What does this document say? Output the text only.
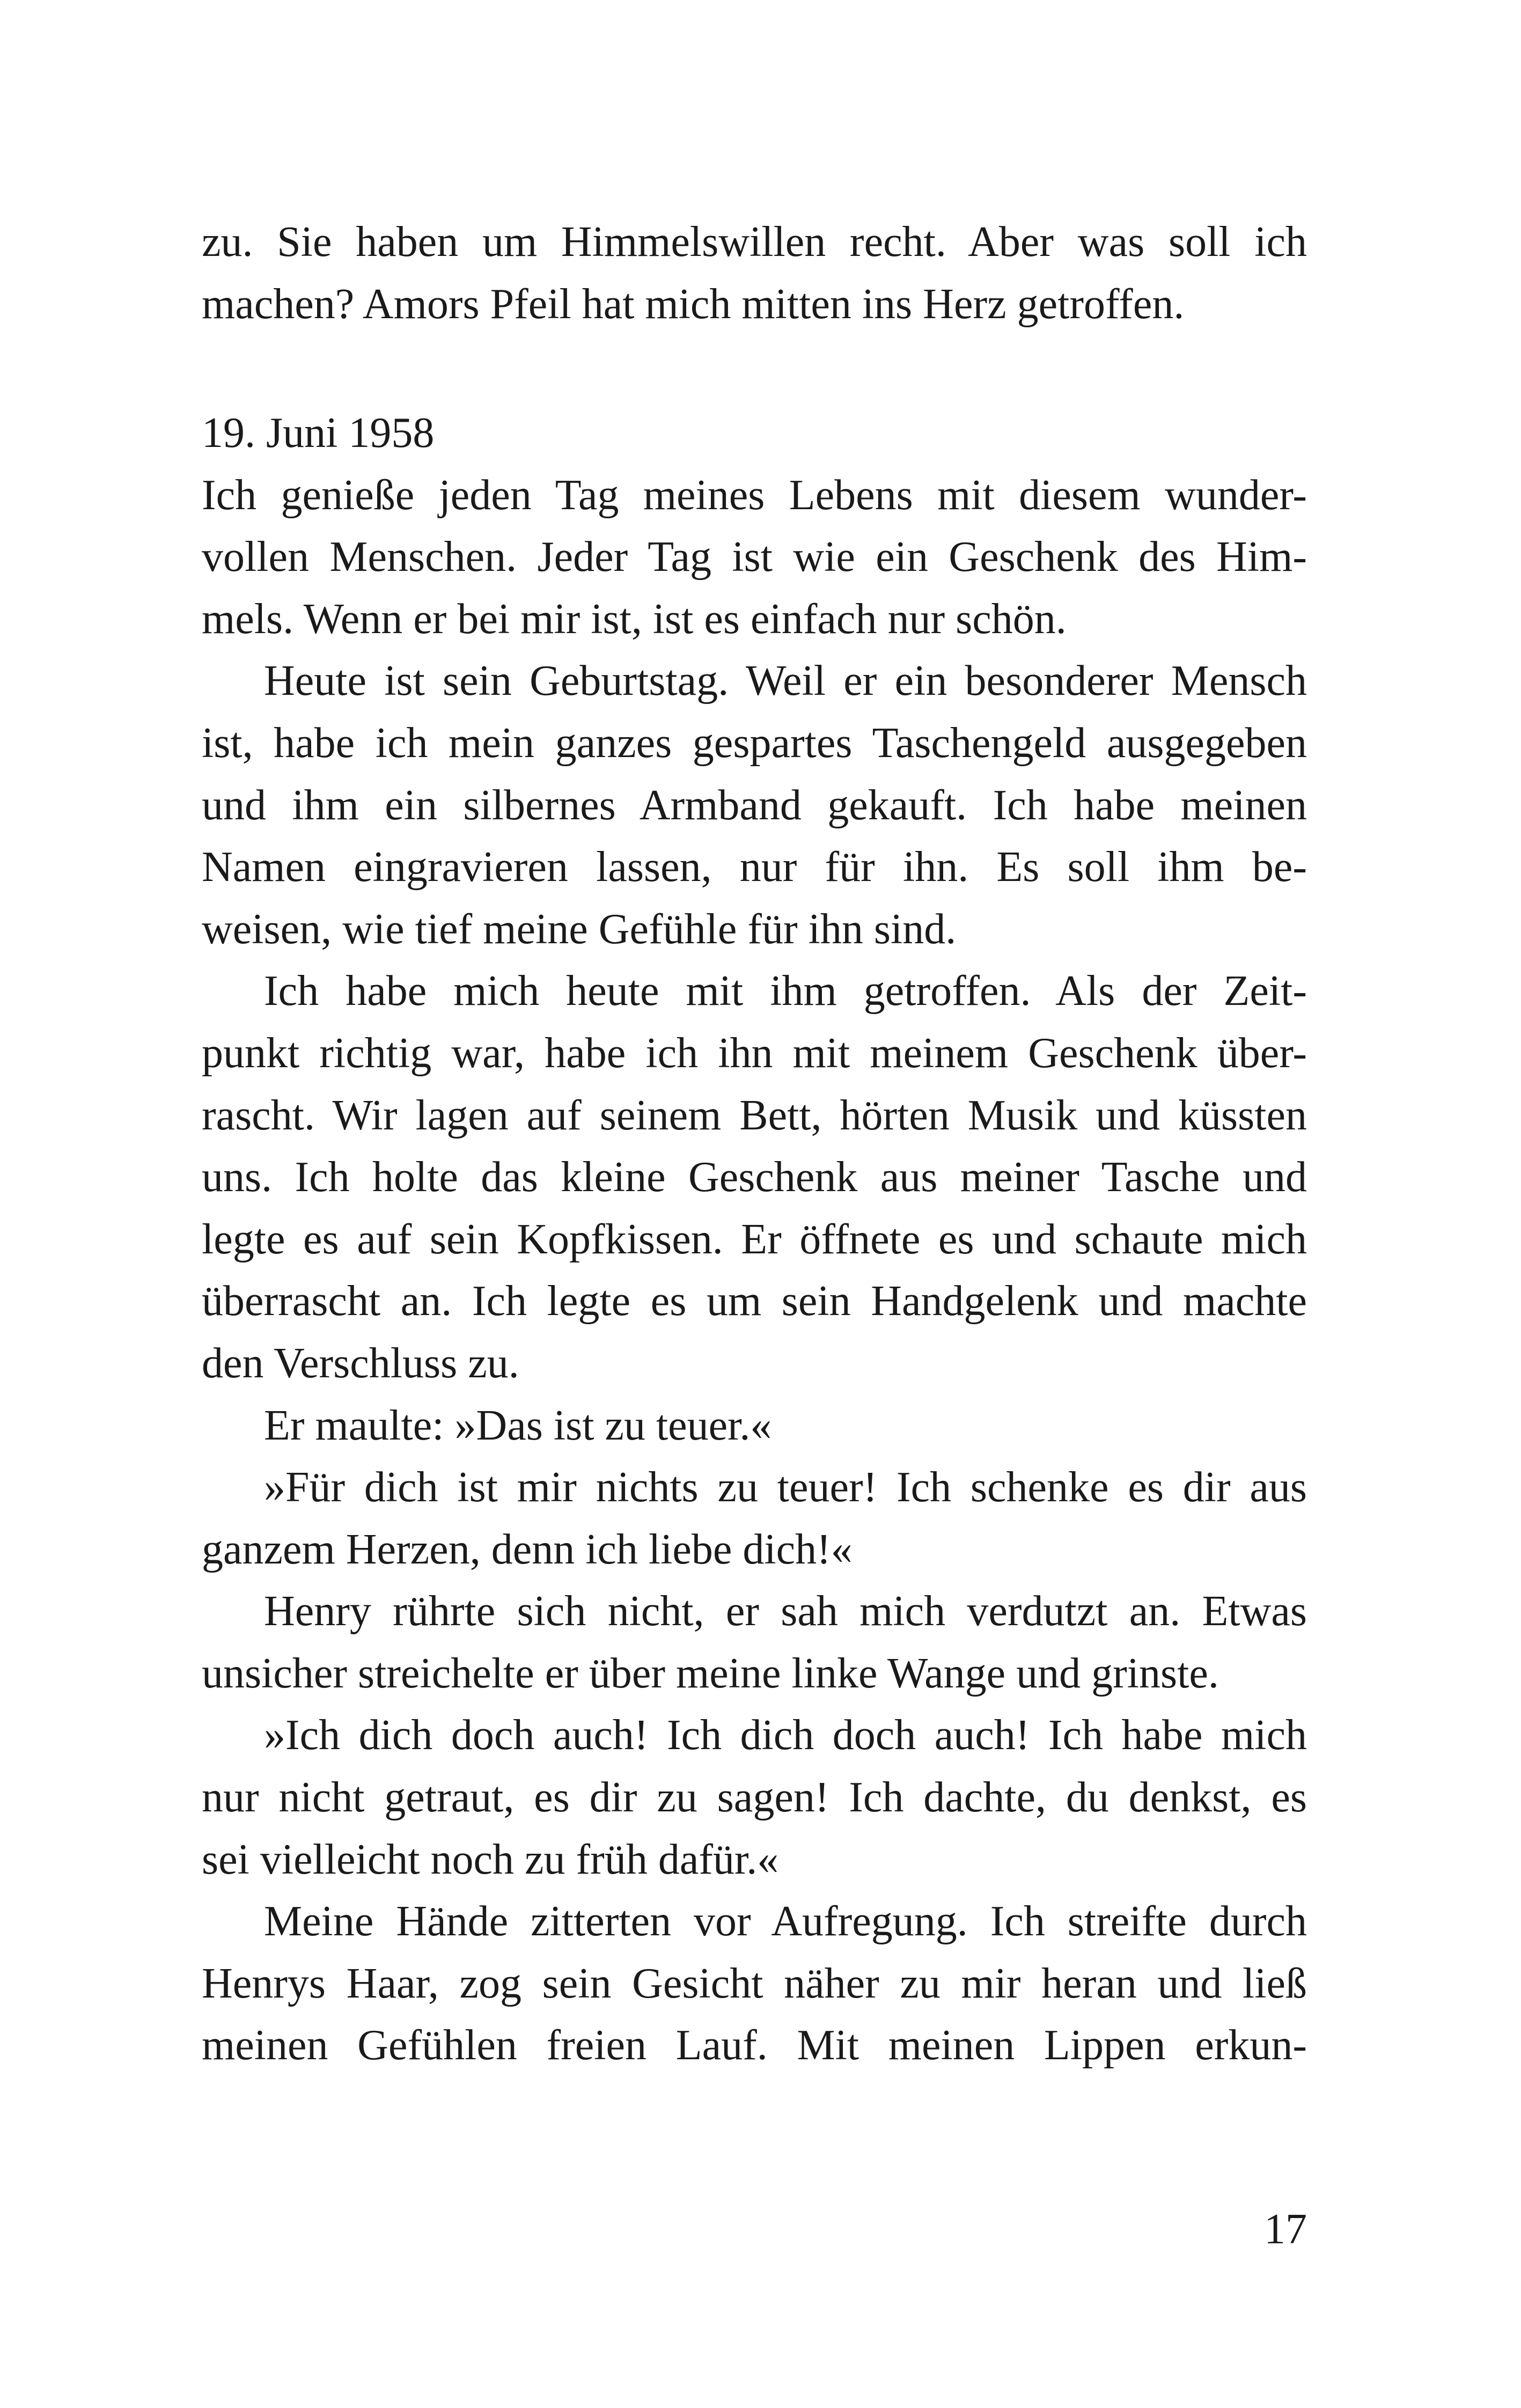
zu. Sie haben um Himmelswillen recht. Aber was soll ich
machen? Amors Pfeil hat mich mitten ins Herz getroffen.
19. Juni 1958
Ich genieße jeden Tag meines Lebens mit diesem wunder-
vollen Menschen. Jeder Tag ist wie ein Geschenk des Him-
mels. Wenn er bei mir ist, ist es einfach nur schön.
Heute ist sein Geburtstag. Weil er ein besonderer Mensch
ist, habe ich mein ganzes gespartes Taschengeld ausgegeben
und ihm ein silbernes Armband gekauft. Ich habe meinen
Namen eingravieren lassen, nur für ihn. Es soll ihm be-
weisen, wie tief meine Gefühle für ihn sind.
Ich habe mich heute mit ihm getroffen. Als der Zeit-
punkt richtig war, habe ich ihn mit meinem Geschenk über-
rascht. Wir lagen auf seinem Bett, hörten Musik und küssten
uns. Ich holte das kleine Geschenk aus meiner Tasche und
legte es auf sein Kopfkissen. Er öffnete es und schaute mich
überrascht an. Ich legte es um sein Handgelenk und machte
den Verschluss zu.
Er maulte: »Das ist zu teuer.«
»Für dich ist mir nichts zu teuer! Ich schenke es dir aus
ganzem Herzen, denn ich liebe dich!«
Henry rührte sich nicht, er sah mich verdutzt an. Etwas
unsicher streichelte er über meine linke Wange und grinste.
»Ich dich doch auch! Ich dich doch auch! Ich habe mich
nur nicht getraut, es dir zu sagen! Ich dachte, du denkst, es
sei vielleicht noch zu früh dafür.«
Meine Hände zitterten vor Aufregung. Ich streifte durch
Henrys Haar, zog sein Gesicht näher zu mir heran und ließ
meinen Gefühlen freien Lauf. Mit meinen Lippen erkun-
17
